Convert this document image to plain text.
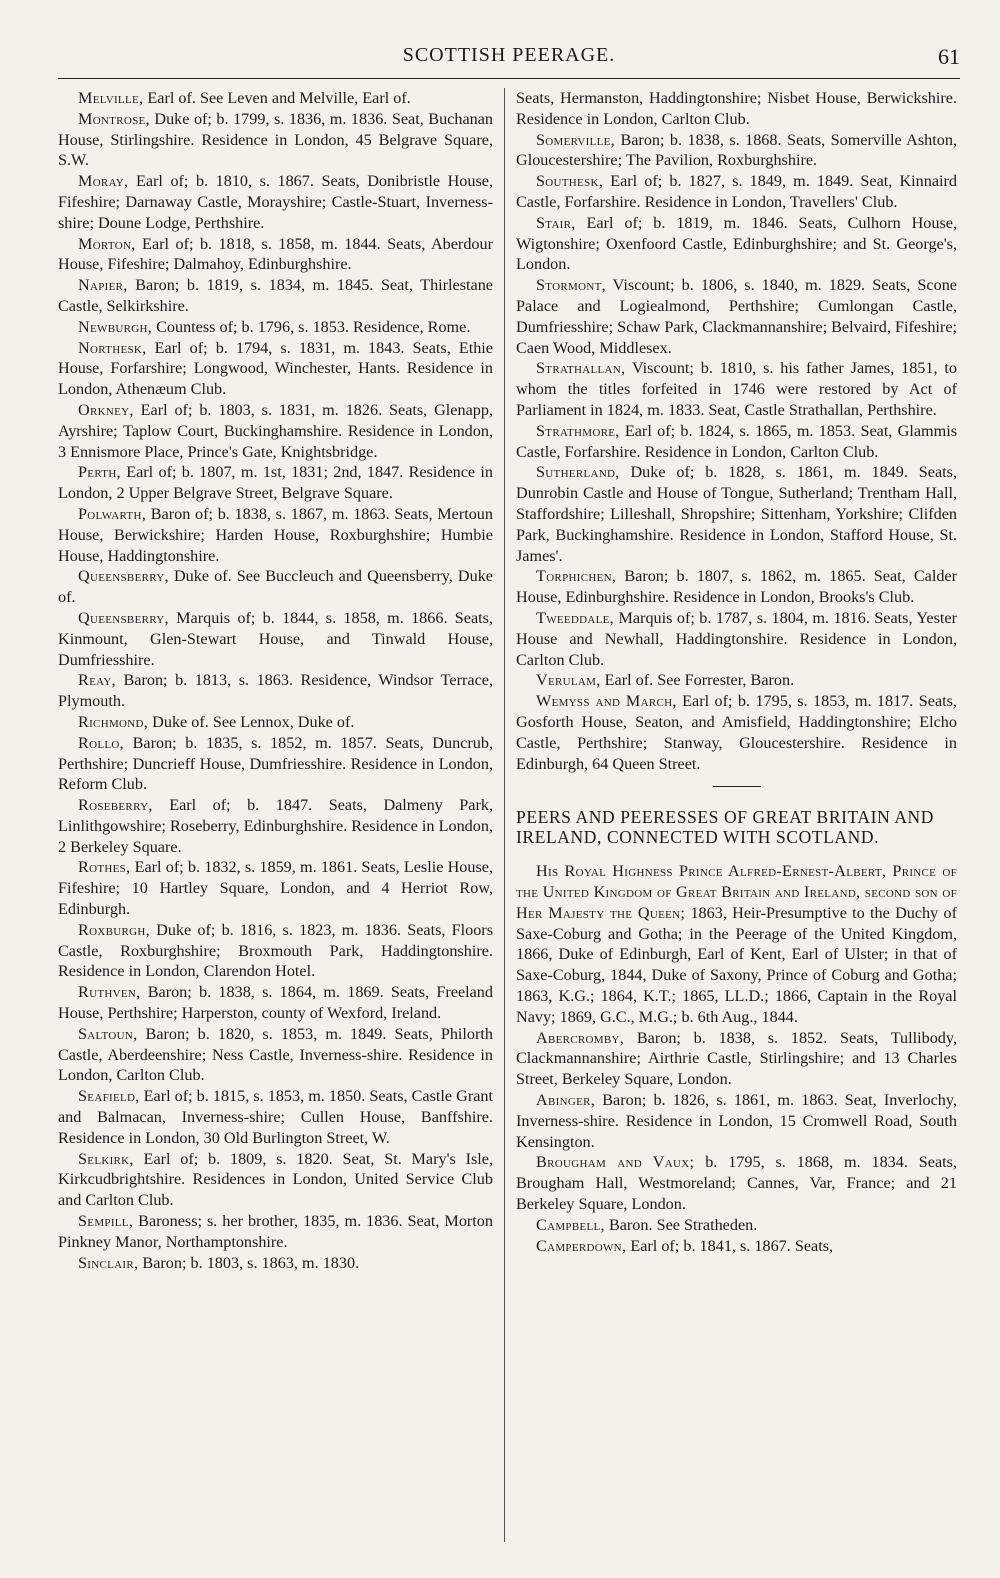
SCOTTISH PEERAGE.	61

Melville, Earl of. See Leven and Melville, Earl of.

Montrose, Duke of; b. 1799, s. 1836, m. 1836. Seat, Buchanan House, Stirlingshire. Residence in London, 45 Belgrave Square, S.W.

Moray, Earl of; b. 1810, s. 1867. Seats, Donibristle House, Fifeshire; Darnaway Castle, Morayshire; Castle-Stuart, Inverness-shire; Doune Lodge, Perthshire.

Morton, Earl of; b. 1818, s. 1858, m. 1844. Seats, Aberdour House, Fifeshire; Dalmahoy, Edinburghshire.

Napier, Baron; b. 1819, s. 1834, m. 1845. Seat, Thirlestane Castle, Selkirkshire.

Newburgh, Countess of; b. 1796, s. 1853. Residence, Rome.

Northesk, Earl of; b. 1794, s. 1831, m. 1843. Seats, Ethie House, Forfarshire; Longwood, Winchester, Hants. Residence in London, Athenæum Club.

Orkney, Earl of; b. 1803, s. 1831, m. 1826. Seats, Glenapp, Ayrshire; Taplow Court, Buckinghamshire. Residence in London, 3 Ennismore Place, Prince's Gate, Knightsbridge.

Perth, Earl of; b. 1807, m. 1st, 1831; 2nd, 1847. Residence in London, 2 Upper Belgrave Street, Belgrave Square.

Polwarth, Baron of; b. 1838, s. 1867, m. 1863. Seats, Mertoun House, Berwickshire; Harden House, Roxburghshire; Humbie House, Haddingtonshire.

Queensberry, Duke of. See Buccleuch and Queensberry, Duke of.

Queensberry, Marquis of; b. 1844, s. 1858, m. 1866. Seats, Kinmount, Glen-Stewart House, and Tinwald House, Dumfriesshire.

Reay, Baron; b. 1813, s. 1863. Residence, Windsor Terrace, Plymouth.

Richmond, Duke of. See Lennox, Duke of.

Rollo, Baron; b. 1835, s. 1852, m. 1857. Seats, Duncrub, Perthshire; Duncrieff House, Dumfriesshire. Residence in London, Reform Club.

Roseberry, Earl of; b. 1847. Seats, Dalmeny Park, Linlithgowshire; Roseberry, Edinburghshire. Residence in London, 2 Berkeley Square.

Rothes, Earl of; b. 1832, s. 1859, m. 1861. Seats, Leslie House, Fifeshire; 10 Hartley Square, London, and 4 Herriot Row, Edinburgh.

Roxburgh, Duke of; b. 1816, s. 1823, m. 1836. Seats, Floors Castle, Roxburghshire; Broxmouth Park, Haddingtonshire. Residence in London, Clarendon Hotel.

Ruthven, Baron; b. 1838, s. 1864, m. 1869. Seats, Freeland House, Perthshire; Harperston, county of Wexford, Ireland.

Saltoun, Baron; b. 1820, s. 1853, m. 1849. Seats, Philorth Castle, Aberdeenshire; Ness Castle, Inverness-shire. Residence in London, Carlton Club.

Seafield, Earl of; b. 1815, s. 1853, m. 1850. Seats, Castle Grant and Balmacan, Inverness-shire; Cullen House, Banffshire. Residence in London, 30 Old Burlington Street, W.

Selkirk, Earl of; b. 1809, s. 1820. Seat, St. Mary's Isle, Kirkcudbrightshire. Residences in London, United Service Club and Carlton Club.

Sempill, Baroness; s. her brother, 1835, m. 1836. Seat, Morton Pinkney Manor, Northamptonshire.

Sinclair, Baron; b. 1803, s. 1863, m. 1830.

Seats, Hermanston, Haddingtonshire; Nisbet House, Berwickshire. Residence in London, Carlton Club.

Somerville, Baron; b. 1838, s. 1868. Seats, Somerville Ashton, Gloucestershire; The Pavilion, Roxburghshire.

Southesk, Earl of; b. 1827, s. 1849, m. 1849. Seat, Kinnaird Castle, Forfarshire. Residence in London, Travellers' Club.

Stair, Earl of; b. 1819, m. 1846. Seats, Culhorn House, Wigtonshire; Oxenfoord Castle, Edinburghshire; and St. George's, London.

Stormont, Viscount; b. 1806, s. 1840, m. 1829. Seats, Scone Palace and Logiealmond, Perthshire; Cumlongan Castle, Dumfriesshire; Schaw Park, Clackmannanshire; Belvaird, Fifeshire; Caen Wood, Middlesex.

Strathallan, Viscount; b. 1810, s. his father James, 1851, to whom the titles forfeited in 1746 were restored by Act of Parliament in 1824, m. 1833. Seat, Castle Strathallan, Perthshire.

Strathmore, Earl of; b. 1824, s. 1865, m. 1853. Seat, Glammis Castle, Forfarshire. Residence in London, Carlton Club.

Sutherland, Duke of; b. 1828, s. 1861, m. 1849. Seats, Dunrobin Castle and House of Tongue, Sutherland; Trentham Hall, Staffordshire; Lilleshall, Shropshire; Sittenham, Yorkshire; Clifden Park, Buckinghamshire. Residence in London, Stafford House, St. James'.

Torphichen, Baron; b. 1807, s. 1862, m. 1865. Seat, Calder House, Edinburghshire. Residence in London, Brooks's Club.

Tweeddale, Marquis of; b. 1787, s. 1804, m. 1816. Seats, Yester House and Newhall, Haddingtonshire. Residence in London, Carlton Club.

Verulam, Earl of. See Forrester, Baron.

Wemyss and March, Earl of; b. 1795, s. 1853, m. 1817. Seats, Gosforth House, Seaton, and Amisfield, Haddingtonshire; Elcho Castle, Perthshire; Stanway, Gloucestershire. Residence in Edinburgh, 64 Queen Street.

PEERS AND PEERESSES OF GREAT BRITAIN AND IRELAND, CONNECTED WITH SCOTLAND.

His Royal Highness Prince Alfred-Ernest-Albert, Prince of the United Kingdom of Great Britain and Ireland, second son of Her Majesty the Queen; 1863, Heir-Presumptive to the Duchy of Saxe-Coburg and Gotha; in the Peerage of the United Kingdom, 1866, Duke of Edinburgh, Earl of Kent, Earl of Ulster; in that of Saxe-Coburg, 1844, Duke of Saxony, Prince of Coburg and Gotha; 1863, K.G.; 1864, K.T.; 1865, LL.D.; 1866, Captain in the Royal Navy; 1869, G.C., M.G.; b. 6th Aug., 1844.

Abercromby, Baron; b. 1838, s. 1852. Seats, Tullibody, Clackmannanshire; Airthrie Castle, Stirlingshire; and 13 Charles Street, Berkeley Square, London.

Abinger, Baron; b. 1826, s. 1861, m. 1863. Seat, Inverlochy, Inverness-shire. Residence in London, 15 Cromwell Road, South Kensington.

Brougham and Vaux; b. 1795, s. 1868, m. 1834. Seats, Brougham Hall, Westmoreland; Cannes, Var, France; and 21 Berkeley Square, London.

Campbell, Baron. See Stratheden.

Camperdown, Earl of; b. 1841, s. 1867. Seats,
